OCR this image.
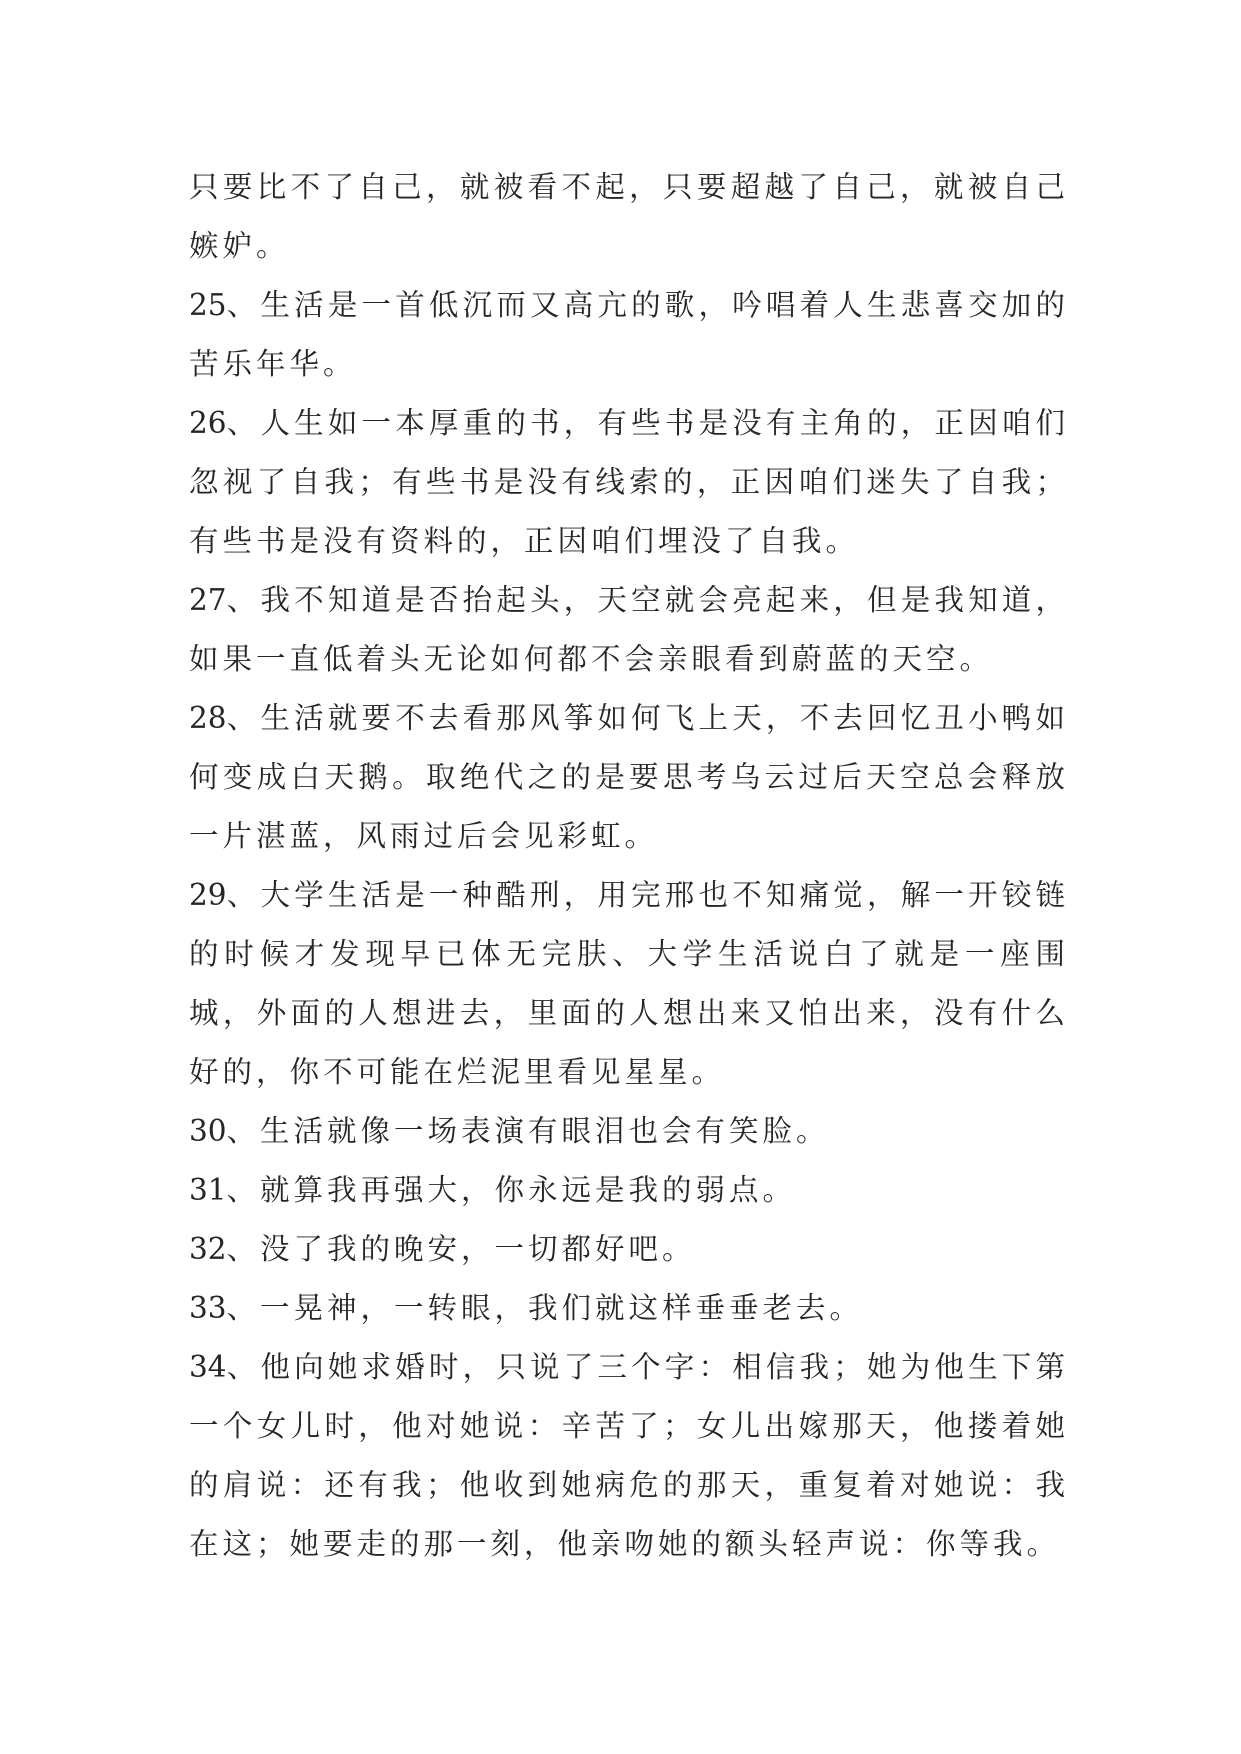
只要比不了自己，就被看不起，只要超越了自己，就被自己嫉妒。

25、生活是一首低沉而又高亢的歌，吟唱着人生悲喜交加的苦乐年华。

26、人生如一本厚重的书，有些书是没有主角的，正因咱们忽视了自我；有些书是没有线索的，正因咱们迷失了自我；有些书是没有资料的，正因咱们埋没了自我。

27、我不知道是否抬起头，天空就会亮起来，但是我知道，如果一直低着头无论如何都不会亲眼看到蔚蓝的天空。

28、生活就要不去看那风筝如何飞上天，不去回忆丑小鸭如何变成白天鹅。取绝代之的是要思考乌云过后天空总会释放一片湛蓝，风雨过后会见彩虹。

29、大学生活是一种酷刑，用完邢也不知痛觉，解一开铰链的时候才发现早已体无完肤、大学生活说白了就是一座围城，外面的人想进去，里面的人想出来又怕出来，没有什么好的，你不可能在烂泥里看见星星。

30、生活就像一场表演有眼泪也会有笑脸。

31、就算我再强大，你永远是我的弱点。

32、没了我的晚安，一切都好吧。

33、一晃神，一转眼，我们就这样垂垂老去。

34、他向她求婚时，只说了三个字：相信我；她为他生下第一个女儿时，他对她说：辛苦了；女儿出嫁那天，他搂着她的肩说：还有我；他收到她病危的那天，重复着对她说：我在这；她要走的那一刻，他亲吻她的额头轻声说：你等我。
